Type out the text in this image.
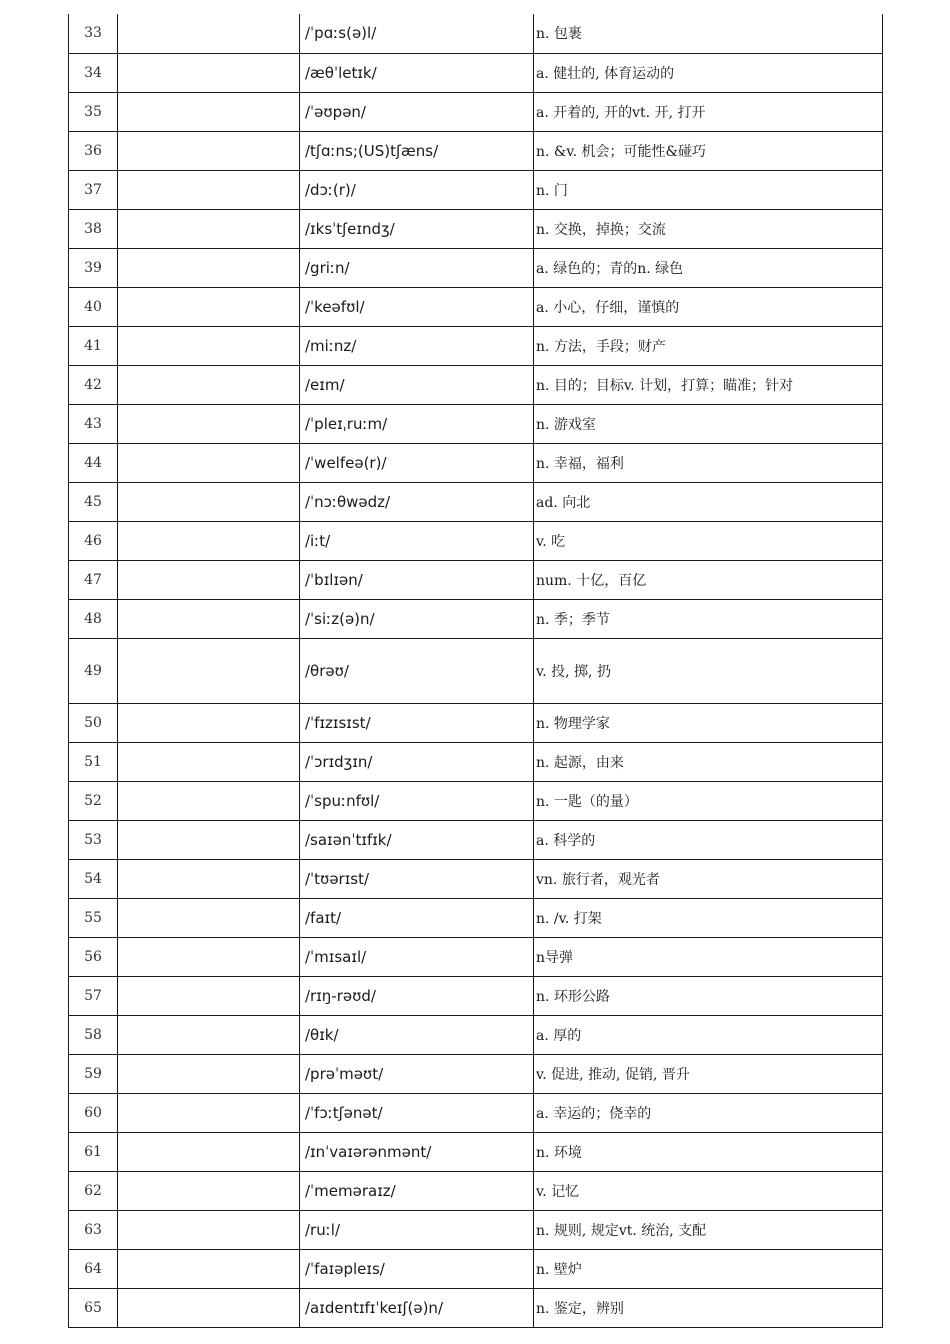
33		/ˈpɑːs(ə)l/	n. 包裹
34		/æθˈletɪk/	a. 健壮的, 体育运动的
35		/ˈəʊpən/	a. 开着的, 开的vt. 开, 打开
36		/tʃɑːns;(US)tʃæns/	n. &v. 机会；可能性&碰巧
37		/dɔː(r)/	n. 门
38		/ɪksˈtʃeɪndʒ/	n. 交换，掉换；交流
39		/griːn/	a. 绿色的；青的n. 绿色
40		/ˈkeəfʊl/	a. 小心，仔细，谨慎的
41		/miːnz/	n. 方法，手段；财产
42		/eɪm/	n. 目的；目标v. 计划，打算；瞄准；针对
43		/ˈpleɪˌruːm/	n. 游戏室
44		/ˈwelfeə(r)/	n. 幸福，福利
45		/ˈnɔːθwədz/	ad. 向北
46		/iːt/	v. 吃
47		/ˈbɪlɪən/	num. 十亿，百亿
48		/ˈsiːz(ə)n/	n. 季；季节
49		/θrəʊ/	v. 投, 掷, 扔
50		/ˈfɪzɪsɪst/	n. 物理学家
51		/ˈɔrɪdʒɪn/	n. 起源，由来
52		/ˈspuːnfʊl/	n. 一匙（的量）
53		/saɪənˈtɪfɪk/	a. 科学的
54		/ˈtʊərɪst/	vn. 旅行者，观光者
55		/faɪt/	n. /v. 打架
56		/ˈmɪsaɪl/	n导弹
57		/rɪŋ-rəʊd/	n. 环形公路
58		/θɪk/	a. 厚的
59		/prəˈməʊt/	v. 促进, 推动, 促销, 晋升
60		/ˈfɔːtʃənət/	a. 幸运的；侥幸的
61		/ɪnˈvaɪərənmənt/	n. 环境
62		/ˈmeməraɪz/	v. 记忆
63		/ruːl/	n. 规则, 规定vt. 统治, 支配
64		/ˈfaɪəpleɪs/	n. 壁炉
65		/aɪdentɪfɪˈkeɪʃ(ə)n/	n. 鉴定，辨别
